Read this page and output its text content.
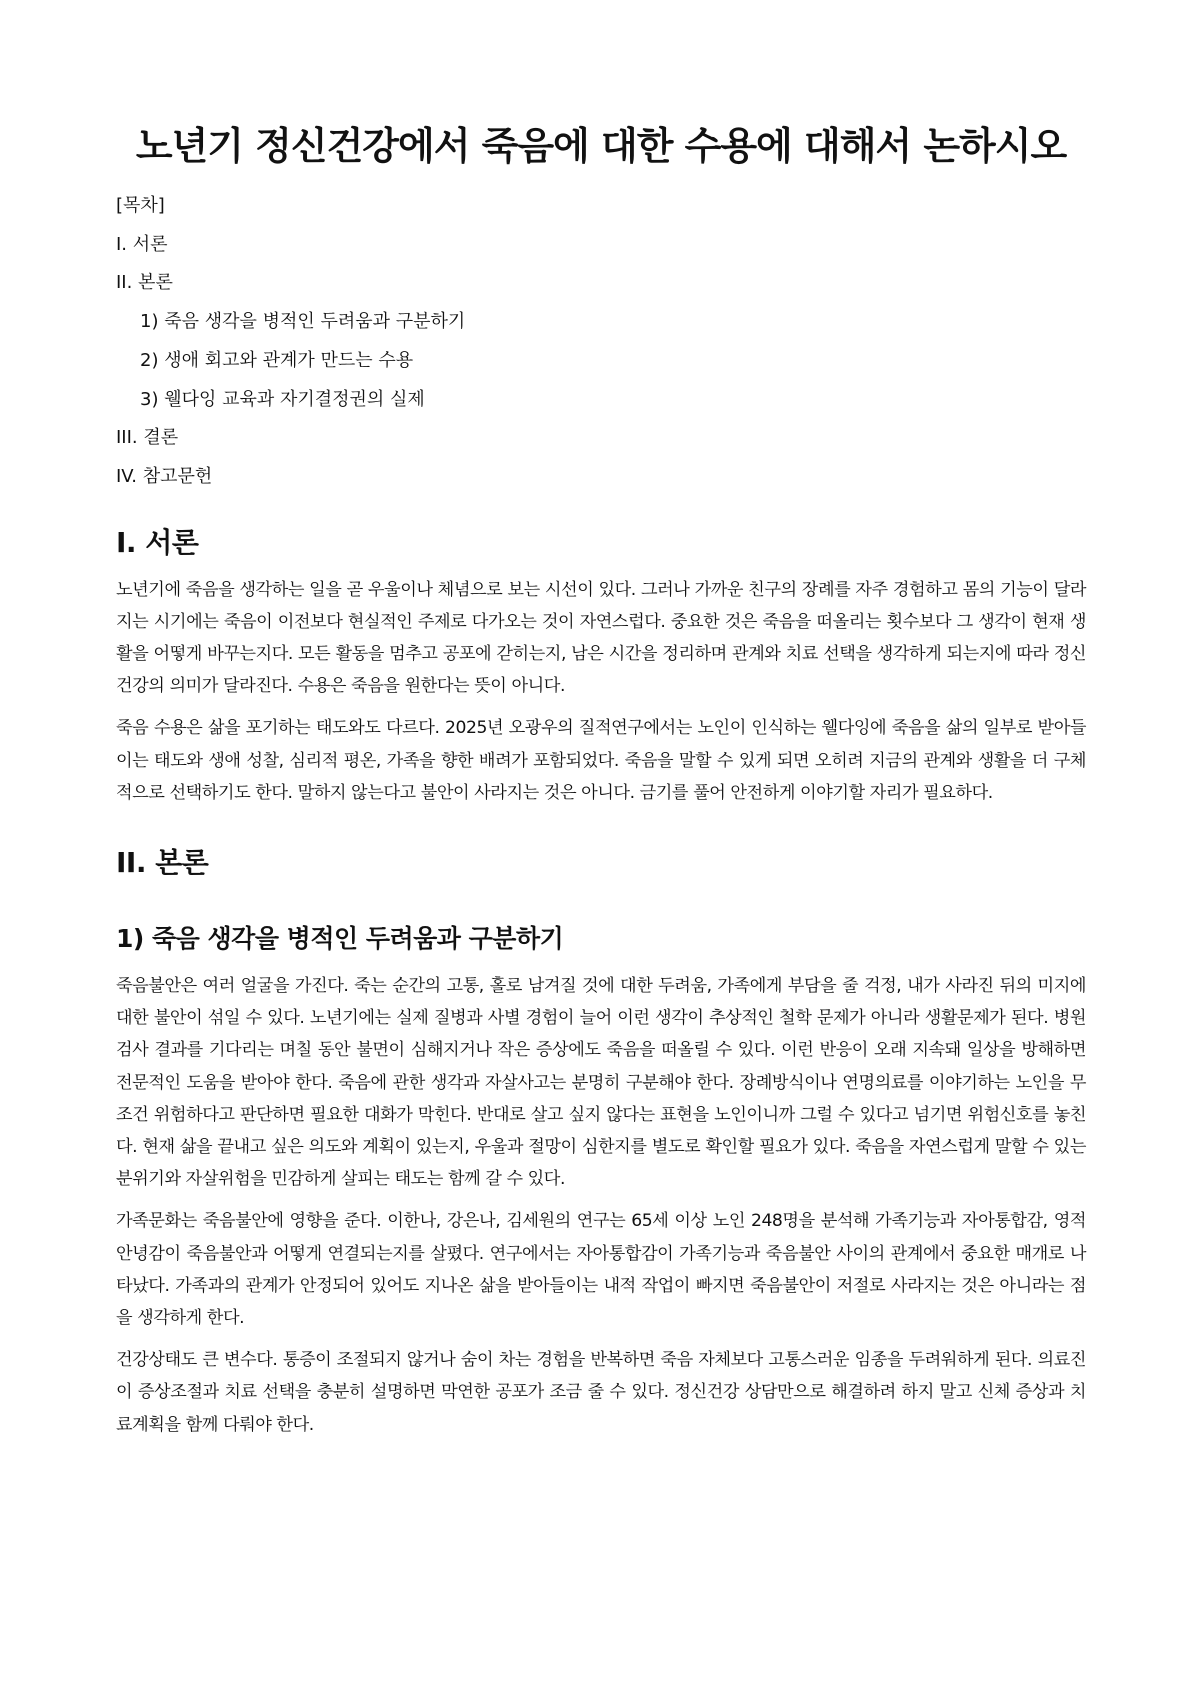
노년기 정신건강에서 죽음에 대한 수용에 대해서 논하시오
[목차]
I. 서론
II. 본론
1) 죽음 생각을 병적인 두려움과 구분하기
2) 생애 회고와 관계가 만드는 수용
3) 웰다잉 교육과 자기결정권의 실제
III. 결론
IV. 참고문헌
I. 서론

노년기에 죽음을 생각하는 일을 곧 우울이나 체념으로 보는 시선이 있다. 그러나 가까운 친구의 장례를 자주 경험하고 몸의 기능이 달라지는 시기에는 죽음이 이전보다 현실적인 주제로 다가오는 것이 자연스럽다. 중요한 것은 죽음을 떠올리는 횟수보다 그 생각이 현재 생활을 어떻게 바꾸는지다. 모든 활동을 멈추고 공포에 갇히는지, 남은 시간을 정리하며 관계와 치료 선택을 생각하게 되는지에 따라 정신건강의 의미가 달라진다. 수용은 죽음을 원한다는 뜻이 아니다.

죽음 수용은 삶을 포기하는 태도와도 다르다. 2025년 오광우의 질적연구에서는 노인이 인식하는 웰다잉에 죽음을 삶의 일부로 받아들이는 태도와 생애 성찰, 심리적 평온, 가족을 향한 배려가 포함되었다. 죽음을 말할 수 있게 되면 오히려 지금의 관계와 생활을 더 구체적으로 선택하기도 한다. 말하지 않는다고 불안이 사라지는 것은 아니다. 금기를 풀어 안전하게 이야기할 자리가 필요하다.

II. 본론
1) 죽음 생각을 병적인 두려움과 구분하기

죽음불안은 여러 얼굴을 가진다. 죽는 순간의 고통, 홀로 남겨질 것에 대한 두려움, 가족에게 부담을 줄 걱정, 내가 사라진 뒤의 미지에 대한 불안이 섞일 수 있다. 노년기에는 실제 질병과 사별 경험이 늘어 이런 생각이 추상적인 철학 문제가 아니라 생활문제가 된다. 병원 검사 결과를 기다리는 며칠 동안 불면이 심해지거나 작은 증상에도 죽음을 떠올릴 수 있다. 이런 반응이 오래 지속돼 일상을 방해하면 전문적인 도움을 받아야 한다. 죽음에 관한 생각과 자살사고는 분명히 구분해야 한다. 장례방식이나 연명의료를 이야기하는 노인을 무조건 위험하다고 판단하면 필요한 대화가 막힌다. 반대로 살고 싶지 않다는 표현을 노인이니까 그럴 수 있다고 넘기면 위험신호를 놓친다. 현재 삶을 끝내고 싶은 의도와 계획이 있는지, 우울과 절망이 심한지를 별도로 확인할 필요가 있다. 죽음을 자연스럽게 말할 수 있는 분위기와 자살위험을 민감하게 살피는 태도는 함께 갈 수 있다.

가족문화는 죽음불안에 영향을 준다. 이한나, 강은나, 김세원의 연구는 65세 이상 노인 248명을 분석해 가족기능과 자아통합감, 영적안녕감이 죽음불안과 어떻게 연결되는지를 살폈다. 연구에서는 자아통합감이 가족기능과 죽음불안 사이의 관계에서 중요한 매개로 나타났다. 가족과의 관계가 안정되어 있어도 지나온 삶을 받아들이는 내적 작업이 빠지면 죽음불안이 저절로 사라지는 것은 아니라는 점을 생각하게 한다.

건강상태도 큰 변수다. 통증이 조절되지 않거나 숨이 차는 경험을 반복하면 죽음 자체보다 고통스러운 임종을 두려워하게 된다. 의료진이 증상조절과 치료 선택을 충분히 설명하면 막연한 공포가 조금 줄 수 있다. 정신건강 상담만으로 해결하려 하지 말고 신체 증상과 치료계획을 함께 다뤄야 한다.
